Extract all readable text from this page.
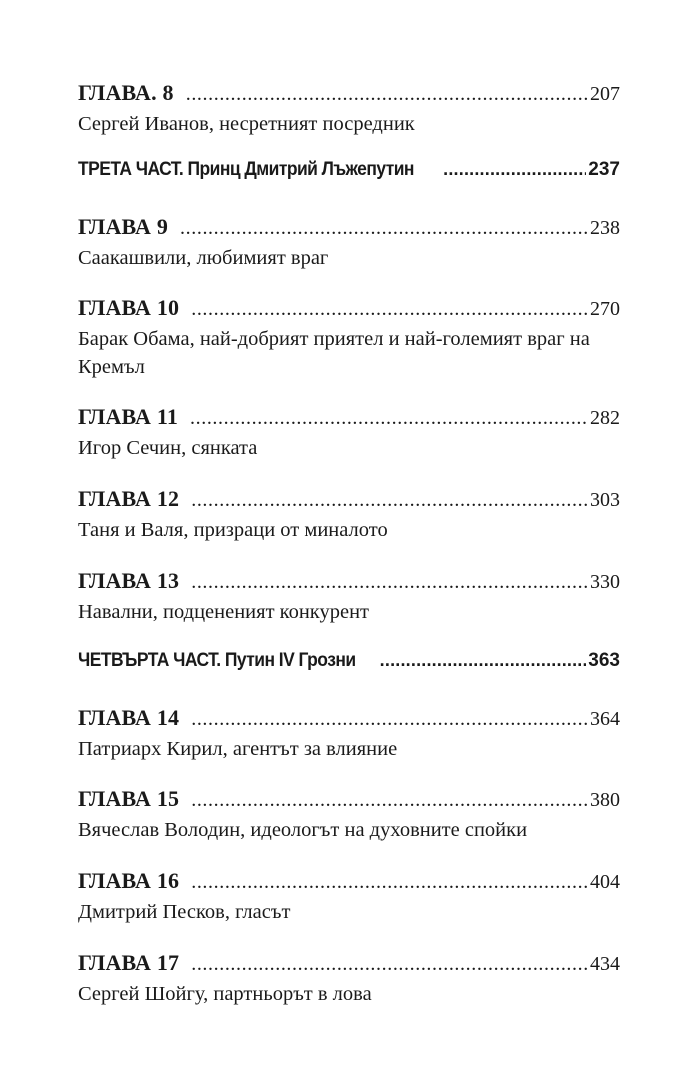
ГЛАВА. 8 .....	207
Сергей Иванов, несретният посредник
ТРЕТА ЧАСТ. Принц Дмитрий Лъжепутин .....	237
ГЛАВА 9 .....	238
Саакашвили, любимият враг
ГЛАВА 10 .....	270
Барак Обама, най-добрият приятел и най-големият враг на Кремъл
ГЛАВА 11 .....	282
Игор Сечин, сянката
ГЛАВА 12 .....	303
Таня и Валя, призраци от миналото
ГЛАВА 13 .....	330
Навални, подцененият конкурент
ЧЕТВЪРТА ЧАСТ. Путин IV Грозни .....	363
ГЛАВА 14 .....	364
Патриарх Кирил, агентът за влияние
ГЛАВА 15 .....	380
Вячеслав Володин, идеологът на духовните спойки
ГЛАВА 16 .....	404
Дмитрий Песков, гласът
ГЛАВА 17 .....	434
Сергей Шойгу, партньорът в лова
